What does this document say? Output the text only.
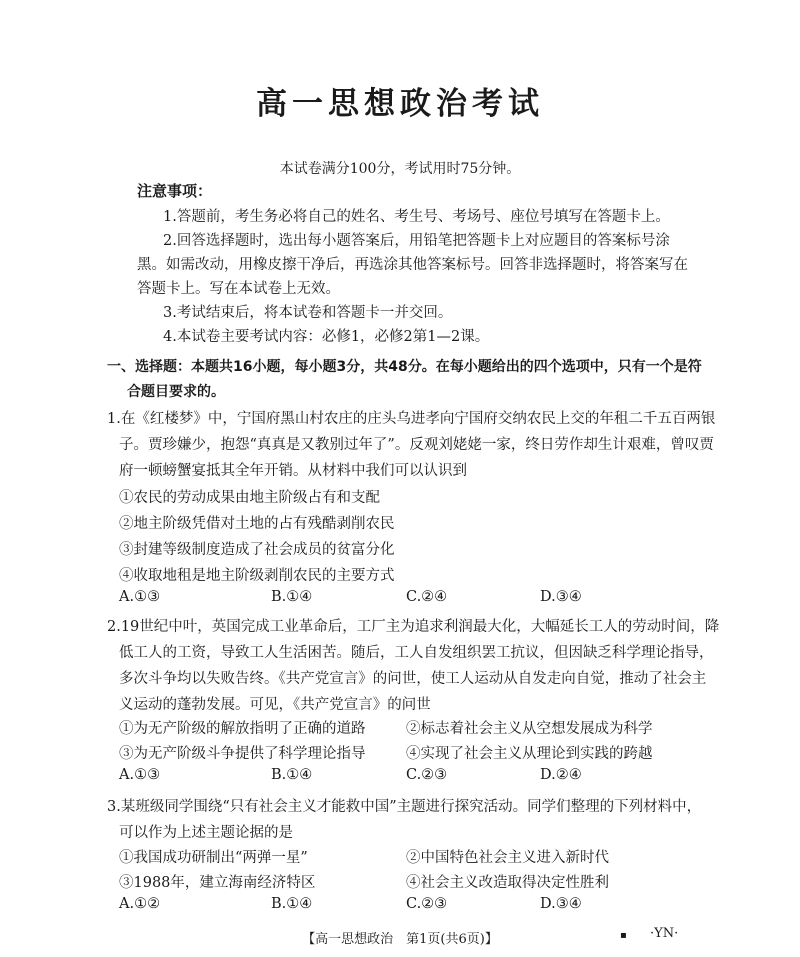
高一思想政治考试
本试卷满分100分，考试用时75分钟。
注意事项：
1.答题前，考生务必将自己的姓名、考生号、考场号、座位号填写在答题卡上。
2.回答选择题时，选出每小题答案后，用铅笔把答题卡上对应题目的答案标号涂
黑。如需改动，用橡皮擦干净后，再选涂其他答案标号。回答非选择题时，将答案写在
答题卡上。写在本试卷上无效。
3.考试结束后，将本试卷和答题卡一并交回。
4.本试卷主要考试内容：必修1，必修2第1—2课。
一、选择题：本题共16小题，每小题3分，共48分。在每小题给出的四个选项中，只有一个是符
合题目要求的。
1.在《红楼梦》中，宁国府黑山村农庄的庄头乌进孝向宁国府交纳农民上交的年租二千五百两银
子。贾珍嫌少，抱怨“真真是又教别过年了”。反观刘姥姥一家，终日劳作却生计艰难，曾叹贾
府一顿螃蟹宴抵其全年开销。从材料中我们可以认识到
①农民的劳动成果由地主阶级占有和支配
②地主阶级凭借对土地的占有残酷剥削农民
③封建等级制度造成了社会成员的贫富分化
④收取地租是地主阶级剥削农民的主要方式
A.①③	B.①④	C.②④	D.③④
2.19世纪中叶，英国完成工业革命后，工厂主为追求利润最大化，大幅延长工人的劳动时间，降
低工人的工资，导致工人生活困苦。随后，工人自发组织罢工抗议，但因缺乏科学理论指导，
多次斗争均以失败告终。《共产党宣言》的问世，使工人运动从自发走向自觉，推动了社会主
义运动的蓬勃发展。可见，《共产党宣言》的问世
①为无产阶级的解放指明了正确的道路	②标志着社会主义从空想发展成为科学
③为无产阶级斗争提供了科学理论指导	④实现了社会主义从理论到实践的跨越
A.①③	B.①④	C.②③	D.②④
3.某班级同学围绕“只有社会主义才能救中国”主题进行探究活动。同学们整理的下列材料中，
可以作为上述主题论据的是
①我国成功研制出“两弹一星”	②中国特色社会主义进入新时代
③1988年，建立海南经济特区	④社会主义改造取得决定性胜利
A.①②	B.①④	C.②③	D.③④
【高一思想政治　第1页(共6页)】	▪ ·YN·
